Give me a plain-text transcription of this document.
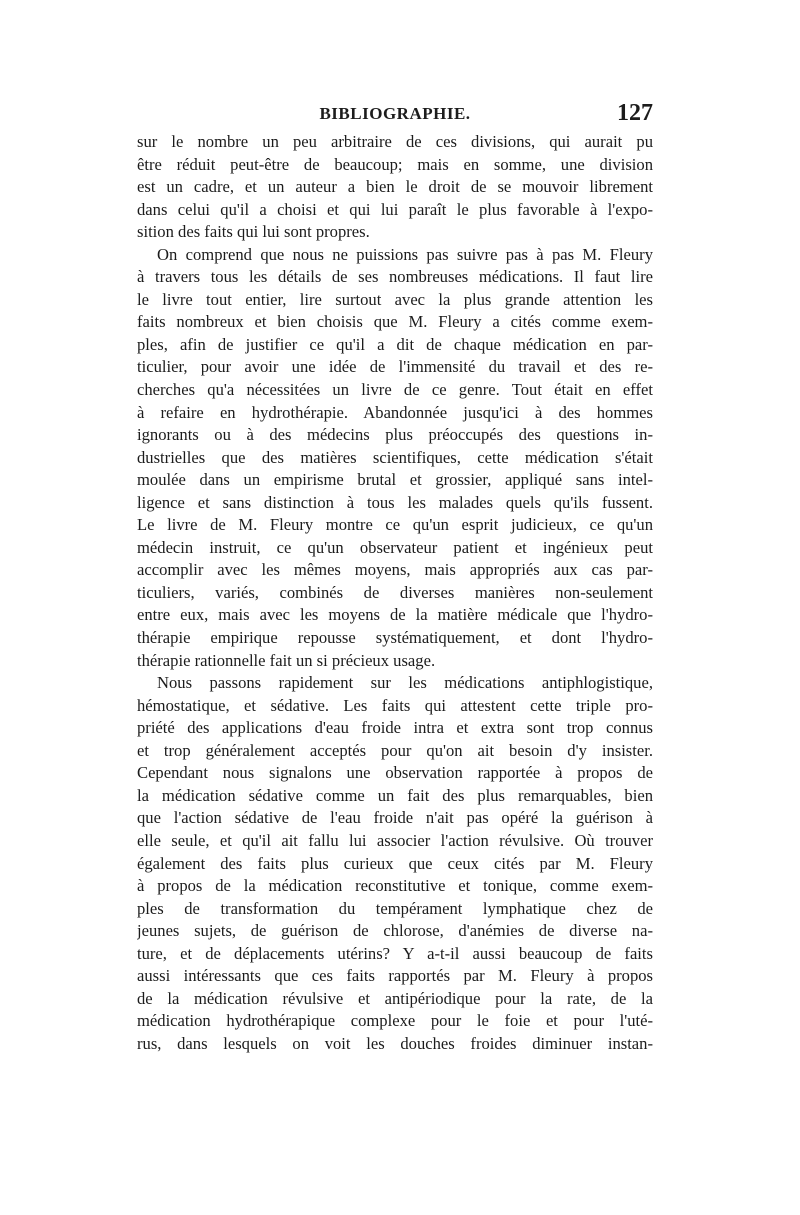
BIBLIOGRAPHIE.	127
sur le nombre un peu arbitraire de ces divisions, qui aurait pu
être réduit peut-être de beaucoup; mais en somme, une division
est un cadre, et un auteur a bien le droit de se mouvoir librement
dans celui qu'il a choisi et qui lui paraît le plus favorable à l'expo-
sition des faits qui lui sont propres.
On comprend que nous ne puissions pas suivre pas à pas M. Fleury
à travers tous les détails de ses nombreuses médications. Il faut lire
le livre tout entier, lire surtout avec la plus grande attention les
faits nombreux et bien choisis que M. Fleury a cités comme exem-
ples, afin de justifier ce qu'il a dit de chaque médication en par-
ticulier, pour avoir une idée de l'immensité du travail et des re-
cherches qu'a nécessitées un livre de ce genre. Tout était en effet
à refaire en hydrothérapie. Abandonnée jusqu'ici à des hommes
ignorants ou à des médecins plus préoccupés des questions in-
dustrielles que des matières scientifiques, cette médication s'était
moulée dans un empirisme brutal et grossier, appliqué sans intel-
ligence et sans distinction à tous les malades quels qu'ils fussent.
Le livre de M. Fleury montre ce qu'un esprit judicieux, ce qu'un
médecin instruit, ce qu'un observateur patient et ingénieux peut
accomplir avec les mêmes moyens, mais appropriés aux cas par-
ticuliers, variés, combinés de diverses manières non-seulement
entre eux, mais avec les moyens de la matière médicale que l'hydro-
thérapie empirique repousse systématiquement, et dont l'hydro-
thérapie rationnelle fait un si précieux usage.
Nous passons rapidement sur les médications antiphlogistique,
hémostatique, et sédative. Les faits qui attestent cette triple pro-
priété des applications d'eau froide intra et extra sont trop connus
et trop généralement acceptés pour qu'on ait besoin d'y insister.
Cependant nous signalons une observation rapportée à propos de
la médication sédative comme un fait des plus remarquables, bien
que l'action sédative de l'eau froide n'ait pas opéré la guérison à
elle seule, et qu'il ait fallu lui associer l'action révulsive. Où trouver
également des faits plus curieux que ceux cités par M. Fleury
à propos de la médication reconstitutive et tonique, comme exem-
ples de transformation du tempérament lymphatique chez de
jeunes sujets, de guérison de chlorose, d'anémies de diverse na-
ture, et de déplacements utérins? Y a-t-il aussi beaucoup de faits
aussi intéressants que ces faits rapportés par M. Fleury à propos
de la médication révulsive et antipériodique pour la rate, de la
médication hydrothérapique complexe pour le foie et pour l'uté-
rus, dans lesquels on voit les douches froides diminuer instan-
